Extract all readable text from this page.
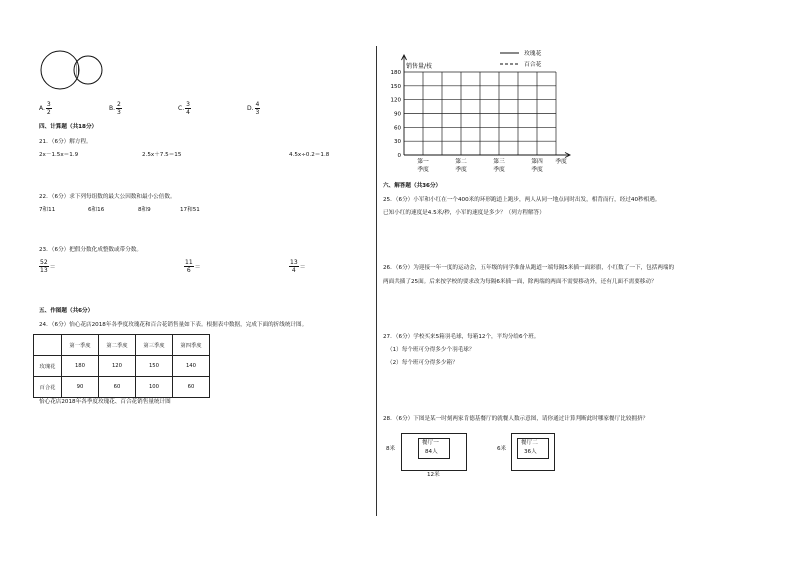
A.
3
2
B.
2
3
C.
3
4
D.
4
3
四、计算题（共18分）
21．（6分）解方程。
2x－1.5x＝1.9	2.5x＋7.5＝15	4.5x÷0.2＝1.8
22．（6分）求下列每组数的最大公因数和最小公倍数。
7和11	6和16	8和9	17和51
23．（6分）把假分数化成整数或带分数。
52
13 ＝
11
6 ＝
13
4 ＝
五、作图题（共6分）
24．（6分）怡心花店2018年各季度玫瑰花和百合花销售量如下表。根据表中数据，完成下面的折线统计图。
	第一季度	第二季度	第三季度	第四季度
玫瑰花	180	120	150	140
百合花	90	60	100	60
怡心花店2018年各季度玫瑰花、百合花销售量统计图
0
30
60
90
120
150
180
销售量/枝
第一
季度
第二
季度
第三
季度
第四
季度
季度
玫瑰花
百合花
六、解答题（共36分）
25．（6分）小军和小红在一个400米的环形跑道上跑步，两人从同一地点同时出发，相背而行，经过40秒相遇。
已知小红的速度是4.5米/秒，小军的速度是多少？（列方程解答）
26．（6分）为迎接一年一度的运动会，五年级的同学准备从跑道一端每隔5米插一面彩旗，小红数了一下，包括两端的
两面共插了25面。后来按学校的要求改为每隔6米插一面，除两端的两面不需要移动外，还有几面不需要移动？
27．（6分）学校买来5箱羽毛球，每箱12个，平均分给6个班。
（1）每个班可分得多少个羽毛球？
（2）每个班可分得多少箱？
28．（6分）下图是某一时刻两家肯德基餐厅的就餐人数示意图，请你通过计算判断此时哪家餐厅比较拥挤？
8米
餐厅一
84人
12米
6米
餐厅二
36人
